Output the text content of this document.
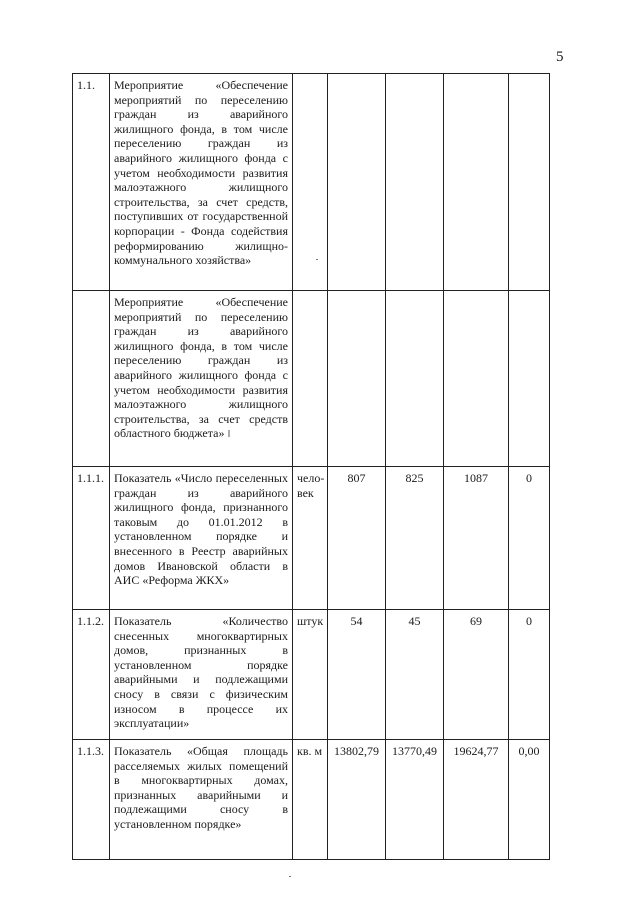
5
1.1.	Мероприятие «Обеспечение мероприятий по переселению граждан из аварийного жилищного фонда, в том числе переселению граждан из аварийного жилищного фонда с учетом необходимости развития малоэтажного жилищного строительства, за счет средств, поступивших от государственной корпорации - Фонда содействия реформированию жилищно-коммунального хозяйства»					
	Мероприятие «Обеспечение мероприятий по переселению граждан из аварийного жилищного фонда, в том числе переселению граждан из аварийного жилищного фонда с учетом необходимости развития малоэтажного жилищного строительства, за счет средств областного бюджета» ‖					
1.1.1.	Показатель «Число переселенных граждан из аварийного жилищного фонда, признанного таковым до 01.01.2012 в установленном порядке и внесенного в Реестр аварийных домов Ивановской области в АИС «Реформа ЖКХ»	чело-век	807	825	1087	0
1.1.2.	Показатель «Количество снесенных многоквартирных домов, признанных в установленном порядке аварийными и подлежащими сносу в связи с физическим износом в процессе их эксплуатации»	штук	54	45	69	0
1.1.3.	Показатель «Общая площадь расселяемых жилых помещений в многоквартирных домах, признанных аварийными и подлежащими сносу в установленном порядке»	кв. м	13802,79	13770,49	19624,77	0,00
